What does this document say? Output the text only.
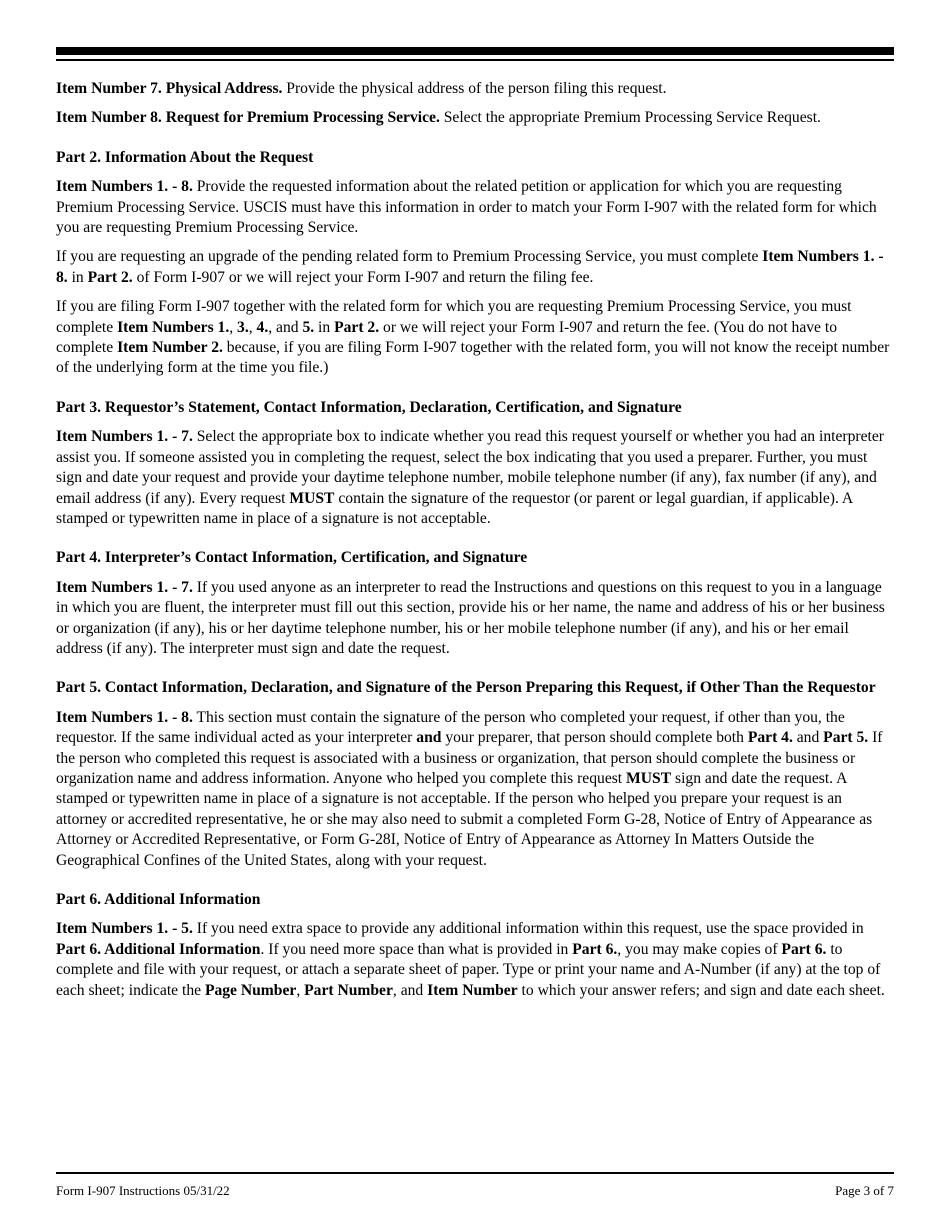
Item Number 7. Physical Address. Provide the physical address of the person filing this request.

Item Number 8. Request for Premium Processing Service. Select the appropriate Premium Processing Service Request.

Part 2. Information About the Request

Item Numbers 1. - 8. Provide the requested information about the related petition or application for which you are requesting Premium Processing Service. USCIS must have this information in order to match your Form I-907 with the related form for which you are requesting Premium Processing Service.

If you are requesting an upgrade of the pending related form to Premium Processing Service, you must complete Item Numbers 1. - 8. in Part 2. of Form I-907 or we will reject your Form I-907 and return the filing fee.

If you are filing Form I-907 together with the related form for which you are requesting Premium Processing Service, you must complete Item Numbers 1., 3., 4., and 5. in Part 2. or we will reject your Form I-907 and return the fee. (You do not have to complete Item Number 2. because, if you are filing Form I-907 together with the related form, you will not know the receipt number of the underlying form at the time you file.)

Part 3. Requestor’s Statement, Contact Information, Declaration, Certification, and Signature

Item Numbers 1. - 7. Select the appropriate box to indicate whether you read this request yourself or whether you had an interpreter assist you. If someone assisted you in completing the request, select the box indicating that you used a preparer. Further, you must sign and date your request and provide your daytime telephone number, mobile telephone number (if any), fax number (if any), and email address (if any). Every request MUST contain the signature of the requestor (or parent or legal guardian, if applicable). A stamped or typewritten name in place of a signature is not acceptable.

Part 4. Interpreter’s Contact Information, Certification, and Signature

Item Numbers 1. - 7. If you used anyone as an interpreter to read the Instructions and questions on this request to you in a language in which you are fluent, the interpreter must fill out this section, provide his or her name, the name and address of his or her business or organization (if any), his or her daytime telephone number, his or her mobile telephone number (if any), and his or her email address (if any). The interpreter must sign and date the request.

Part 5. Contact Information, Declaration, and Signature of the Person Preparing this Request, if Other Than the Requestor

Item Numbers 1. - 8. This section must contain the signature of the person who completed your request, if other than you, the requestor. If the same individual acted as your interpreter and your preparer, that person should complete both Part 4. and Part 5. If the person who completed this request is associated with a business or organization, that person should complete the business or organization name and address information. Anyone who helped you complete this request MUST sign and date the request. A stamped or typewritten name in place of a signature is not acceptable. If the person who helped you prepare your request is an attorney or accredited representative, he or she may also need to submit a completed Form G-28, Notice of Entry of Appearance as Attorney or Accredited Representative, or Form G-28I, Notice of Entry of Appearance as Attorney In Matters Outside the Geographical Confines of the United States, along with your request.

Part 6. Additional Information

Item Numbers 1. - 5. If you need extra space to provide any additional information within this request, use the space provided in Part 6. Additional Information. If you need more space than what is provided in Part 6., you may make copies of Part 6. to complete and file with your request, or attach a separate sheet of paper. Type or print your name and A-Number (if any) at the top of each sheet; indicate the Page Number, Part Number, and Item Number to which your answer refers; and sign and date each sheet.

Form I-907 Instructions 05/31/22	Page 3 of 7
